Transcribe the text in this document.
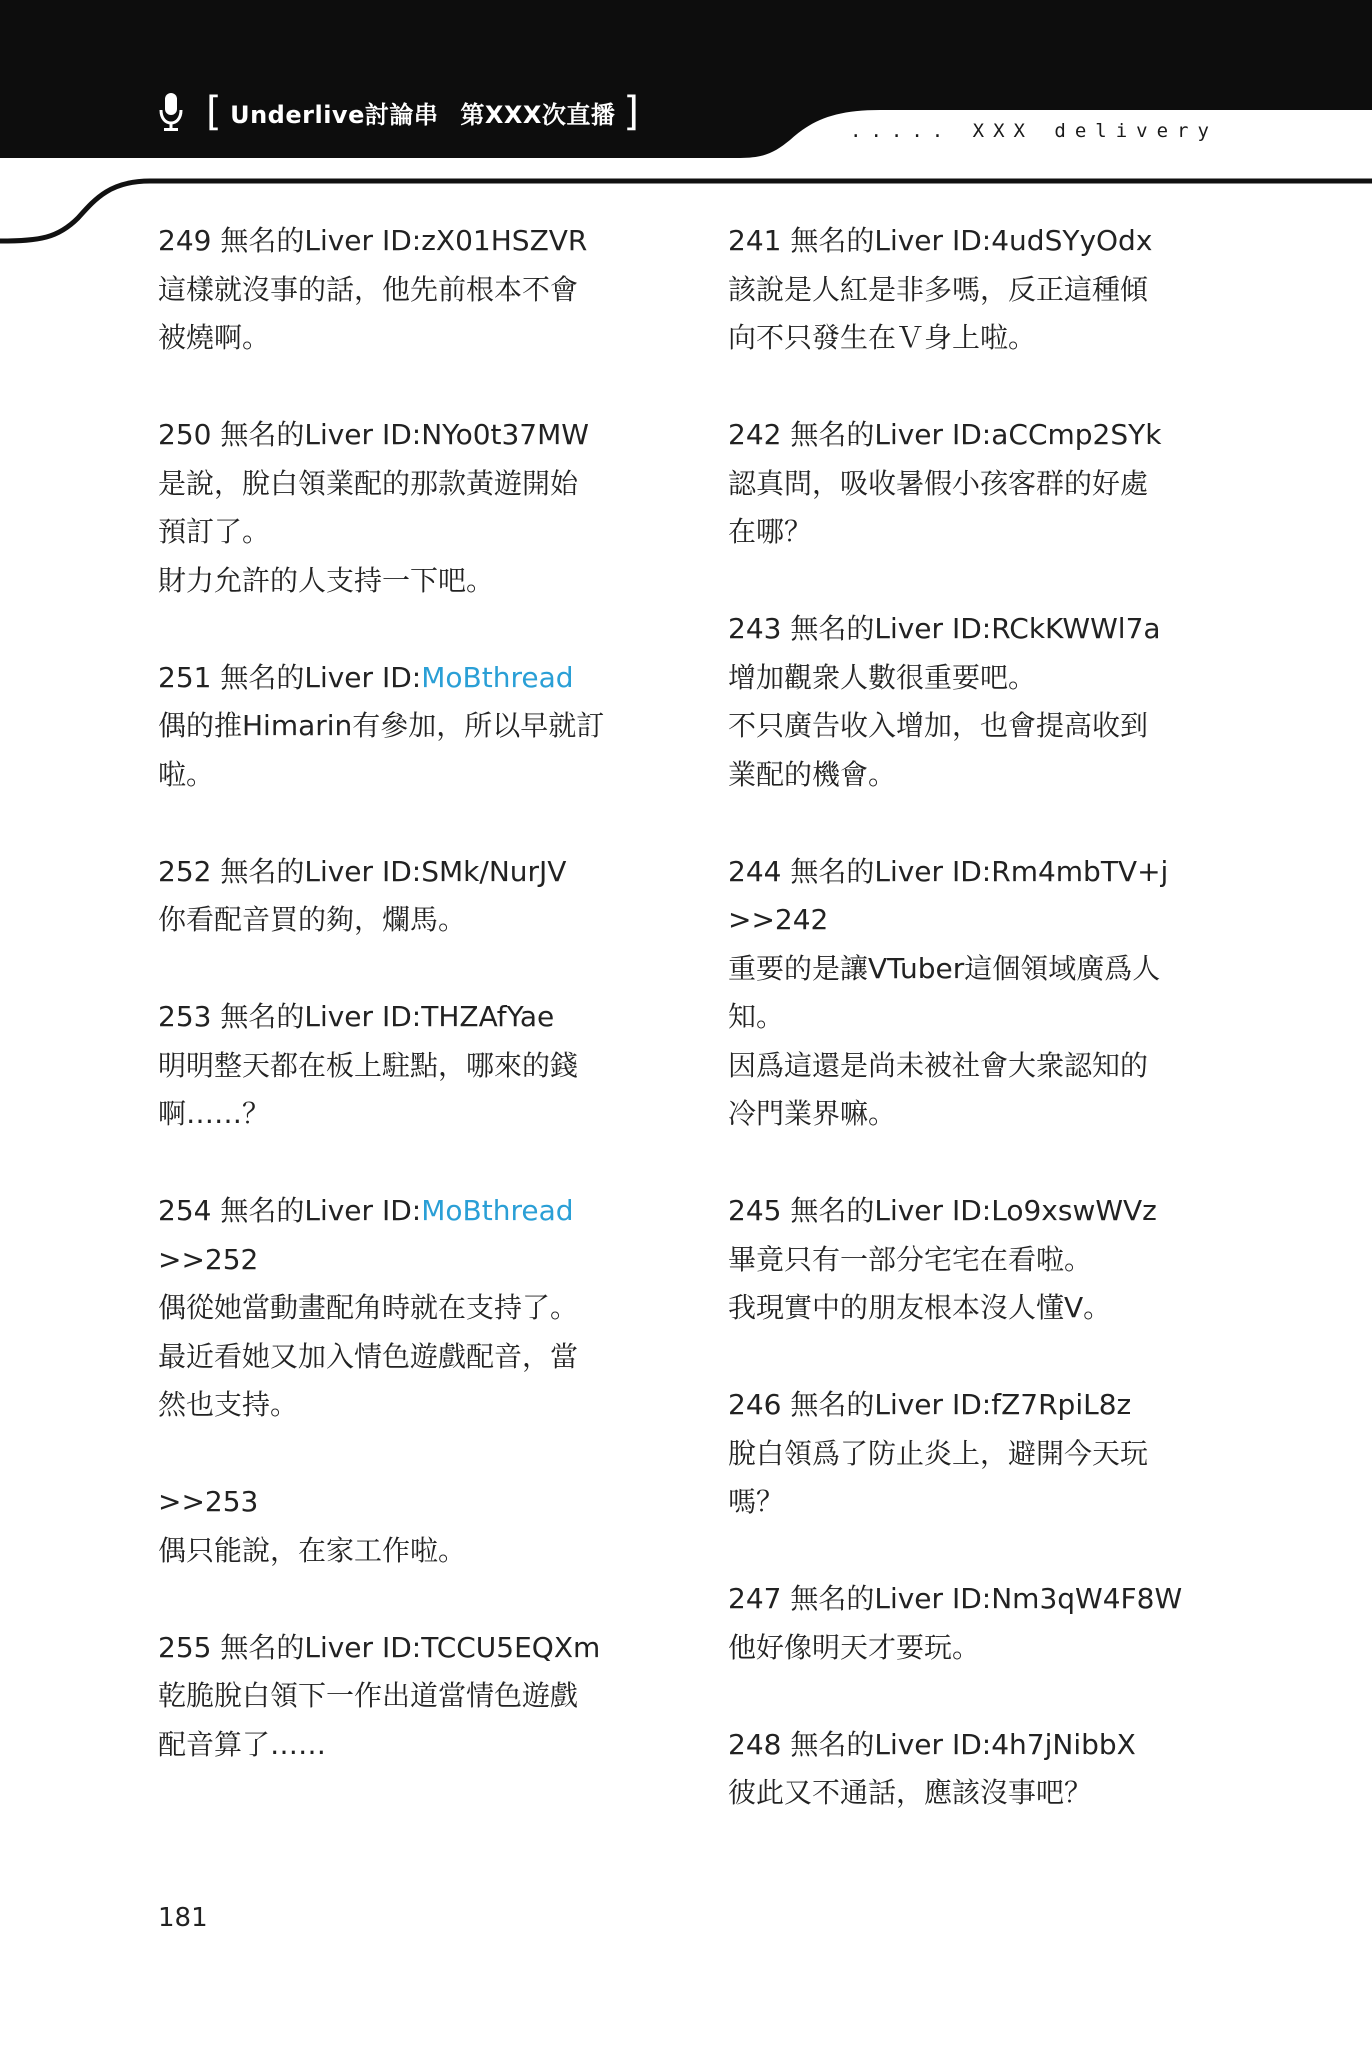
[ Underlive討論串 第XXX次直播 ]	..... XXX delivery
249 無名的Liver ID:zX01HSZVR

這樣就沒事的話，他先前根本不會

被燒啊。

250 無名的Liver ID:NYo0t37MW

是說，脫白領業配的那款黃遊開始

預訂了。

財力允許的人支持一下吧。

251 無名的Liver ID:MoBthread

偶的推Himarin有參加，所以早就訂

啦。

252 無名的Liver ID:SMk/NurJV

你看配音買的夠，爛馬。

253 無名的Liver ID:THZAfYae

明明整天都在板上駐點，哪來的錢

啊……？

254 無名的Liver ID:MoBthread

>>252

偶從她當動畫配角時就在支持了。

最近看她又加入情色遊戲配音，當

然也支持。

>>253

偶只能說，在家工作啦。

255 無名的Liver ID:TCCU5EQXm

乾脆脫白領下一作出道當情色遊戲

配音算了……

241 無名的Liver ID:4udSYyOdx

該說是人紅是非多嗎，反正這種傾

向不只發生在Ｖ身上啦。

242 無名的Liver ID:aCCmp2SYk

認真問，吸收暑假小孩客群的好處

在哪？

243 無名的Liver ID:RCkKWWl7a

增加觀衆人數很重要吧。

不只廣告收入增加，也會提高收到

業配的機會。

244 無名的Liver ID:Rm4mbTV+j

>>242

重要的是讓VTuber這個領域廣爲人

知。

因爲這還是尚未被社會大衆認知的

冷門業界嘛。

245 無名的Liver ID:Lo9xswWVz

畢竟只有一部分宅宅在看啦。

我現實中的朋友根本沒人懂V。

246 無名的Liver ID:fZ7RpiL8z

脫白領爲了防止炎上，避開今天玩

嗎？

247 無名的Liver ID:Nm3qW4F8W

他好像明天才要玩。

248 無名的Liver ID:4h7jNibbX

彼此又不通話，應該沒事吧？

181
